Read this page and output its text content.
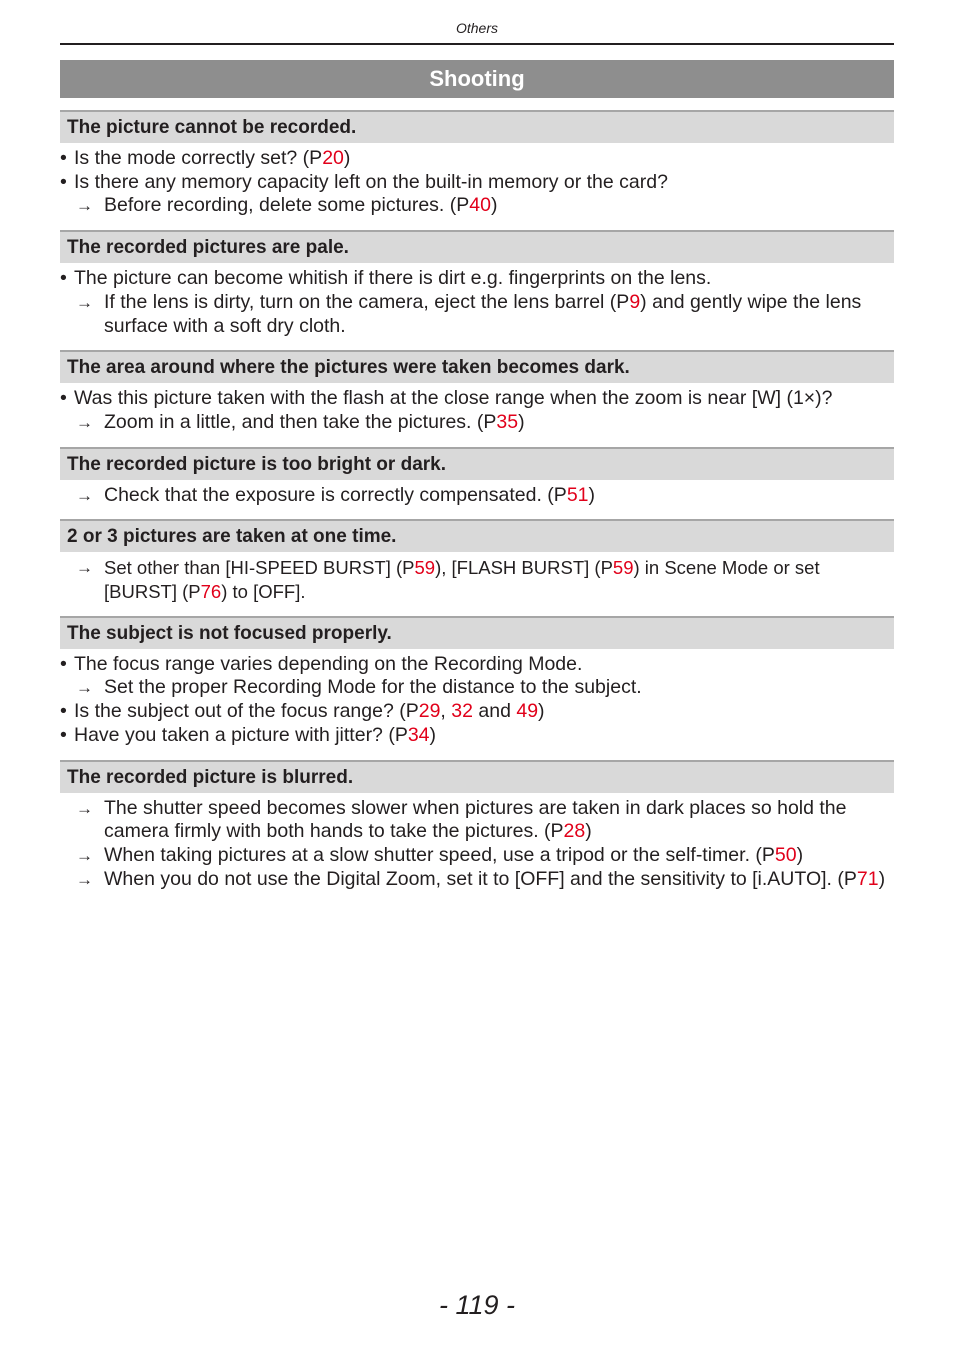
Others
Shooting
The picture cannot be recorded.
• Is the mode correctly set? (P20)
• Is there any memory capacity left on the built-in memory or the card?
→ Before recording, delete some pictures. (P40)
The recorded pictures are pale.
• The picture can become whitish if there is dirt e.g. fingerprints on the lens.
→ If the lens is dirty, turn on the camera, eject the lens barrel (P9) and gently wipe the lens surface with a soft dry cloth.
The area around where the pictures were taken becomes dark.
• Was this picture taken with the flash at the close range when the zoom is near [W] (1×)?
→ Zoom in a little, and then take the pictures. (P35)
The recorded picture is too bright or dark.
→ Check that the exposure is correctly compensated. (P51)
2 or 3 pictures are taken at one time.
→ Set other than [HI-SPEED BURST] (P59), [FLASH BURST] (P59) in Scene Mode or set [BURST] (P76) to [OFF].
The subject is not focused properly.
• The focus range varies depending on the Recording Mode.
→ Set the proper Recording Mode for the distance to the subject.
• Is the subject out of the focus range? (P29, 32 and 49)
• Have you taken a picture with jitter? (P34)
The recorded picture is blurred.
→ The shutter speed becomes slower when pictures are taken in dark places so hold the camera firmly with both hands to take the pictures. (P28)
→ When taking pictures at a slow shutter speed, use a tripod or the self-timer. (P50)
→ When you do not use the Digital Zoom, set it to [OFF] and the sensitivity to [i.AUTO]. (P71)
- 119 -
